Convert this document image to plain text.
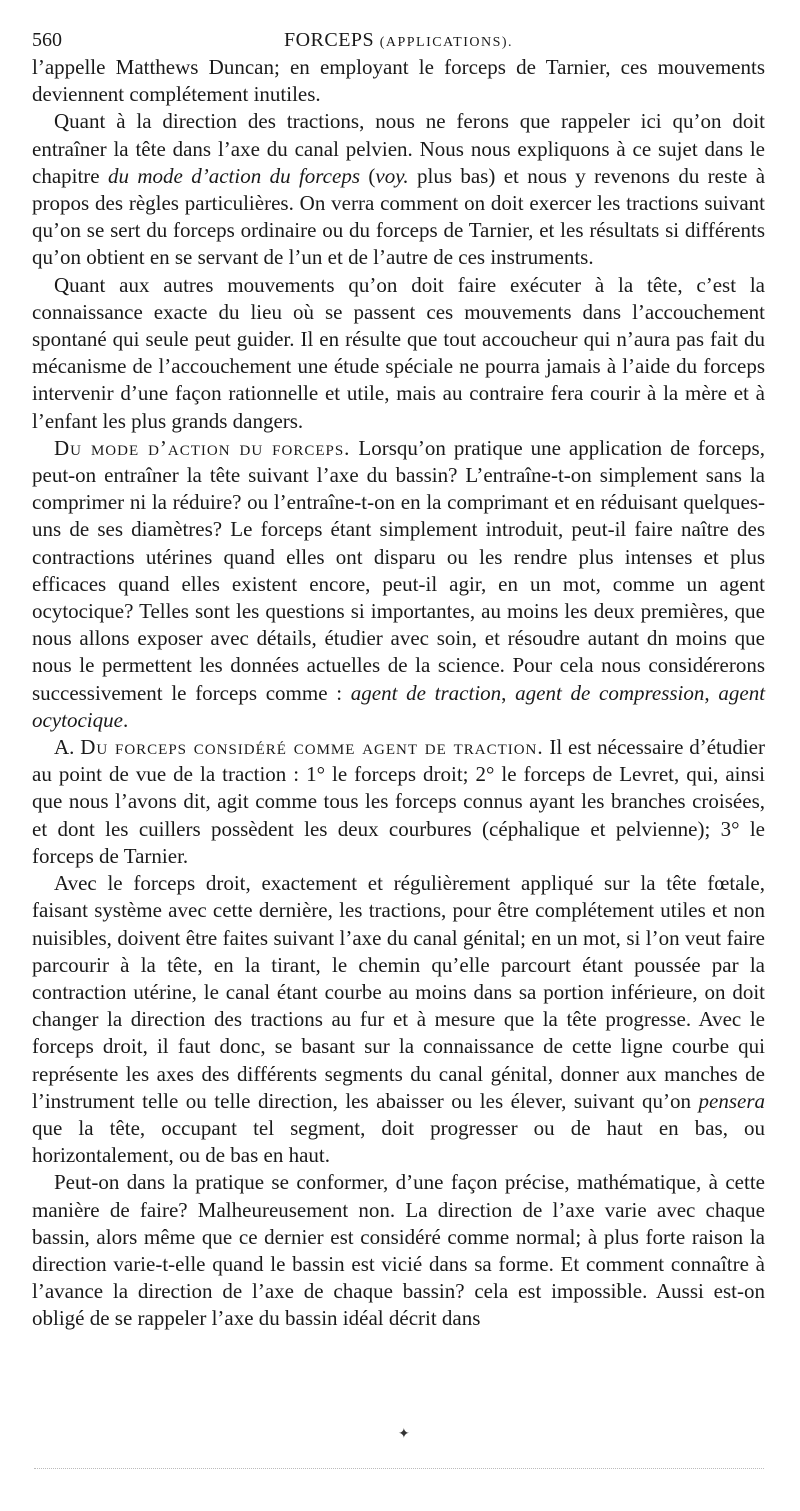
560	FORCEPS (APPLICATIONS).

l’appelle Matthews Duncan; en employant le forceps de Tarnier, ces mouvements deviennent complétement inutiles.

Quant à la direction des tractions, nous ne ferons que rappeler ici qu’on doit entraîner la tête dans l’axe du canal pelvien. Nous nous expliquons à ce sujet dans le chapitre du mode d’action du forceps (voy. plus bas) et nous y revenons du reste à propos des règles particulières. On verra comment on doit exercer les tractions suivant qu’on se sert du forceps ordinaire ou du forceps de Tarnier, et les résultats si différents qu’on obtient en se servant de l’un et de l’autre de ces instruments.

Quant aux autres mouvements qu’on doit faire exécuter à la tête, c’est la connaissance exacte du lieu où se passent ces mouvements dans l’accouchement spontané qui seule peut guider. Il en résulte que tout accoucheur qui n’aura pas fait du mécanisme de l’accouchement une étude spéciale ne pourra jamais à l’aide du forceps intervenir d’une façon rationnelle et utile, mais au contraire fera courir à la mère et à l’enfant les plus grands dangers.

Du mode d’action du forceps. Lorsqu’on pratique une application de forceps, peut-on entraîner la tête suivant l’axe du bassin? L’entraîne-t-on simplement sans la comprimer ni la réduire? ou l’entraîne-t-on en la comprimant et en réduisant quelques-uns de ses diamètres? Le forceps étant simplement introduit, peut-il faire naître des contractions utérines quand elles ont disparu ou les rendre plus intenses et plus efficaces quand elles existent encore, peut-il agir, en un mot, comme un agent ocytocique? Telles sont les questions si importantes, au moins les deux premières, que nous allons exposer avec détails, étudier avec soin, et résoudre autant dn moins que nous le permettent les données actuelles de la science. Pour cela nous considérerons successivement le forceps comme : agent de traction, agent de compression, agent ocytocique.

A. Du forceps considéré comme agent de traction. Il est nécessaire d’étudier au point de vue de la traction : 1° le forceps droit; 2° le forceps de Levret, qui, ainsi que nous l’avons dit, agit comme tous les forceps connus ayant les branches croisées, et dont les cuillers possèdent les deux courbures (céphalique et pelvienne); 3° le forceps de Tarnier.

Avec le forceps droit, exactement et régulièrement appliqué sur la tête fœtale, faisant système avec cette dernière, les tractions, pour être complétement utiles et non nuisibles, doivent être faites suivant l’axe du canal génital; en un mot, si l’on veut faire parcourir à la tête, en la tirant, le chemin qu’elle parcourt étant poussée par la contraction utérine, le canal étant courbe au moins dans sa portion inférieure, on doit changer la direction des tractions au fur et à mesure que la tête progresse. Avec le forceps droit, il faut donc, se basant sur la connaissance de cette ligne courbe qui représente les axes des différents segments du canal génital, donner aux manches de l’instrument telle ou telle direction, les abaisser ou les élever, suivant qu’on pensera que la tête, occupant tel segment, doit progresser ou de haut en bas, ou horizontalement, ou de bas en haut.

Peut-on dans la pratique se conformer, d’une façon précise, mathématique, à cette manière de faire? Malheureusement non. La direction de l’axe varie avec chaque bassin, alors même que ce dernier est considéré comme normal; à plus forte raison la direction varie-t-elle quand le bassin est vicié dans sa forme. Et comment connaître à l’avance la direction de l’axe de chaque bassin? cela est impossible. Aussi est-on obligé de se rappeler l’axe du bassin idéal décrit dans

✦
